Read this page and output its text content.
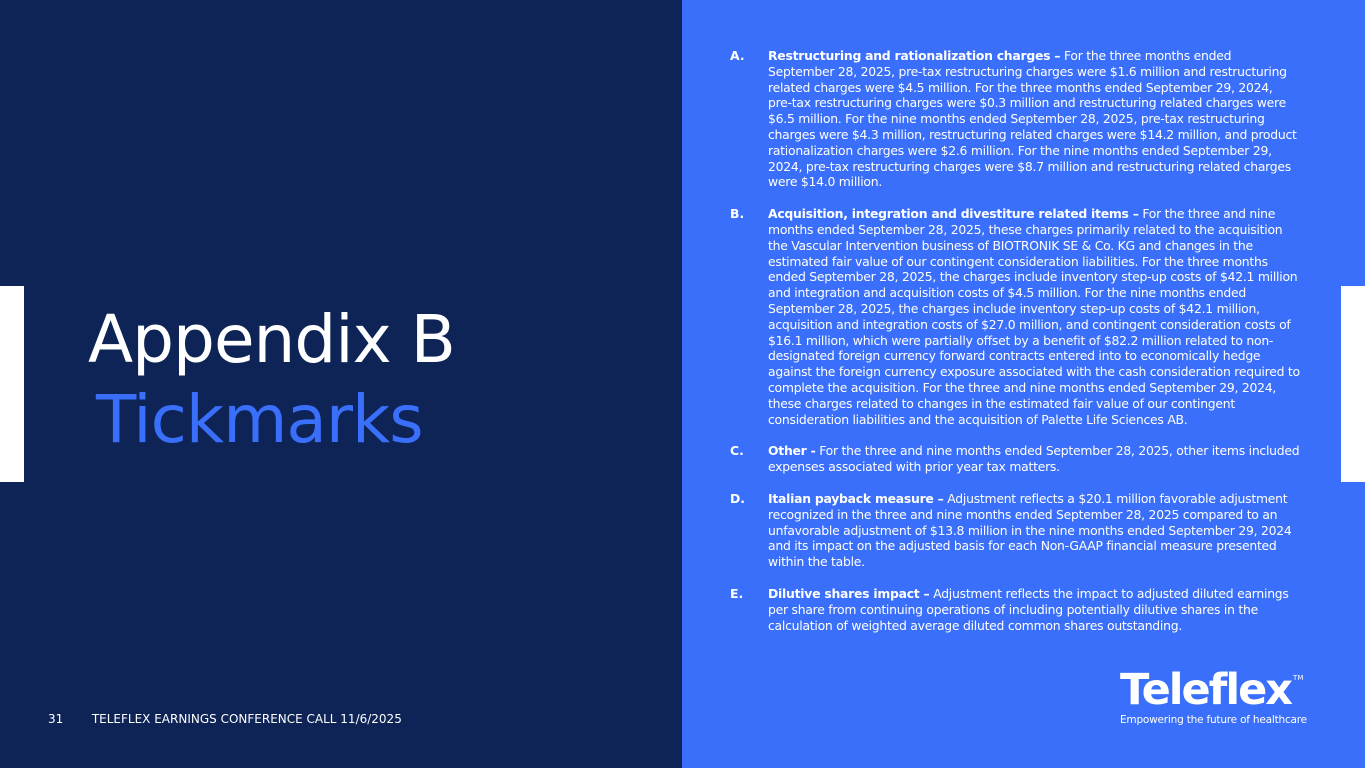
Appendix B
Tickmarks
31 TELEFLEX EARNINGS CONFERENCE CALL 11/6/2025
A.	Restructuring and rationalization charges – For the three months ended September 28, 2025, pre-tax restructuring charges were $1.6 million and restructuring related charges were $4.5 million. For the three months ended September 29, 2024, pre-tax restructuring charges were $0.3 million and restructuring related charges were $6.5 million. For the nine months ended September 28, 2025, pre-tax restructuring charges were $4.3 million, restructuring related charges were $14.2 million, and product rationalization charges were $2.6 million. For the nine months ended September 29, 2024, pre-tax restructuring charges were $8.7 million and restructuring related charges were $14.0 million.
B.	Acquisition, integration and divestiture related items – For the three and nine months ended September 28, 2025, these charges primarily related to the acquisition the Vascular Intervention business of BIOTRONIK SE & Co. KG and changes in the estimated fair value of our contingent consideration liabilities. For the three months ended September 28, 2025, the charges include inventory step-up costs of $42.1 million and integration and acquisition costs of $4.5 million. For the nine months ended September 28, 2025, the charges include inventory step-up costs of $42.1 million, acquisition and integration costs of $27.0 million, and contingent consideration costs of $16.1 million, which were partially offset by a benefit of $82.2 million related to non-designated foreign currency forward contracts entered into to economically hedge against the foreign currency exposure associated with the cash consideration required to complete the acquisition. For the three and nine months ended September 29, 2024, these charges related to changes in the estimated fair value of our contingent consideration liabilities and the acquisition of Palette Life Sciences AB.
C.	Other - For the three and nine months ended September 28, 2025, other items included expenses associated with prior year tax matters.
D.	Italian payback measure – Adjustment reflects a $20.1 million favorable adjustment recognized in the three and nine months ended September 28, 2025 compared to an unfavorable adjustment of $13.8 million in the nine months ended September 29, 2024 and its impact on the adjusted basis for each Non-GAAP financial measure presented within the table.
E.	Dilutive shares impact – Adjustment reflects the impact to adjusted diluted earnings per share from continuing operations of including potentially dilutive shares in the calculation of weighted average diluted common shares outstanding.
Teleflex ™
Empowering the future of healthcare
